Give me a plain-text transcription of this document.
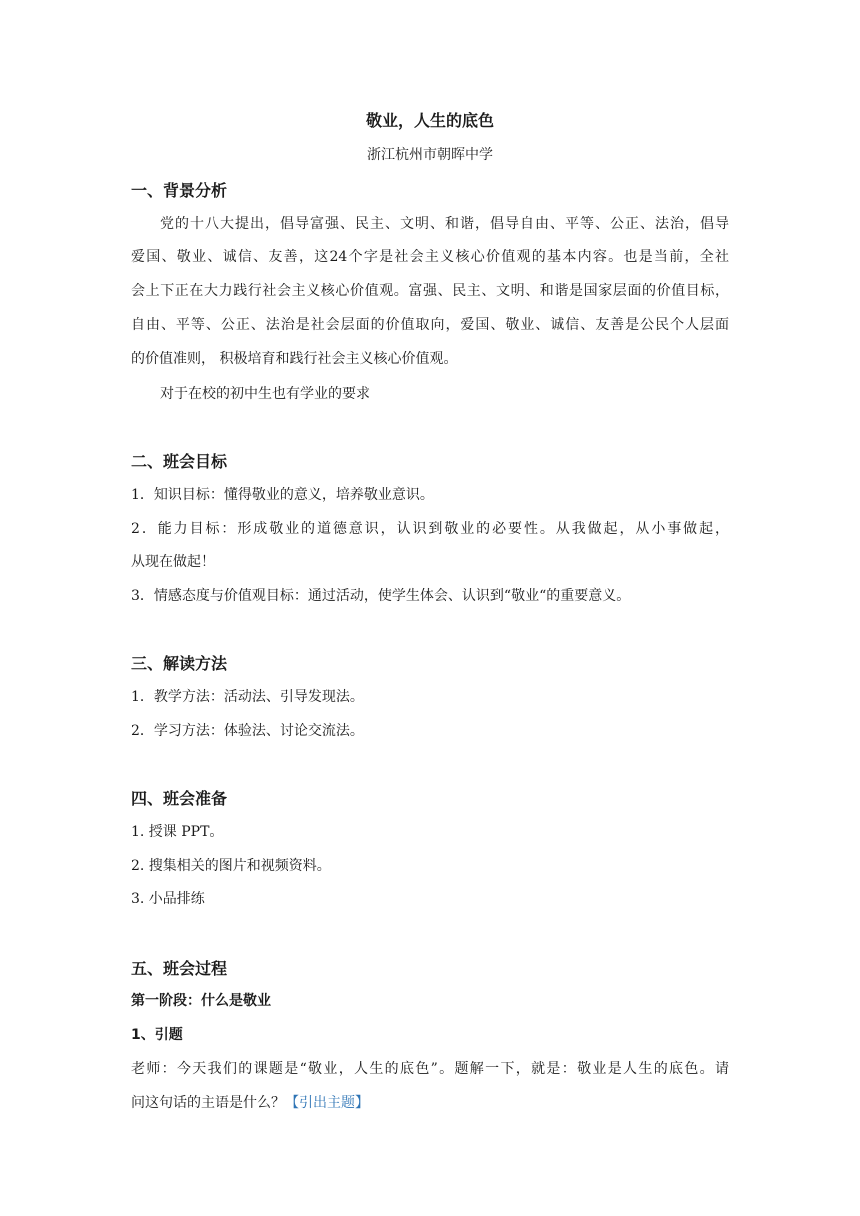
敬业，人生的底色
浙江杭州市朝晖中学
一、背景分析
党的十八大提出，倡导富强、民主、文明、和谐，倡导自由、平等、公正、法治，倡导
爱国、敬业、诚信、友善，这24个字是社会主义核心价值观的基本内容。也是当前，全社
会上下正在大力践行社会主义核心价值观。富强、民主、文明、和谐是国家层面的价值目标，
自由、平等、公正、法治是社会层面的价值取向，爱国、敬业、诚信、友善是公民个人层面
的价值准则， 积极培育和践行社会主义核心价值观。
对于在校的初中生也有学业的要求
二、班会目标
1．知识目标：懂得敬业的意义，培养敬业意识。
2．能力目标：形成敬业的道德意识，认识到敬业的必要性。从我做起，从小事做起，
从现在做起！
3．情感态度与价值观目标：通过活动，使学生体会、认识到“敬业“的重要意义。
三、解读方法
1．教学方法：活动法、引导发现法。
2．学习方法：体验法、讨论交流法。
四、班会准备
1. 授课 PPT。
2. 搜集相关的图片和视频资料。
3. 小品排练
五、班会过程
第一阶段：什么是敬业
1、引题
老师：今天我们的课题是“敬业，人生的底色”。题解一下，就是：敬业是人生的底色。请
问这句话的主语是什么？【引出主题】
